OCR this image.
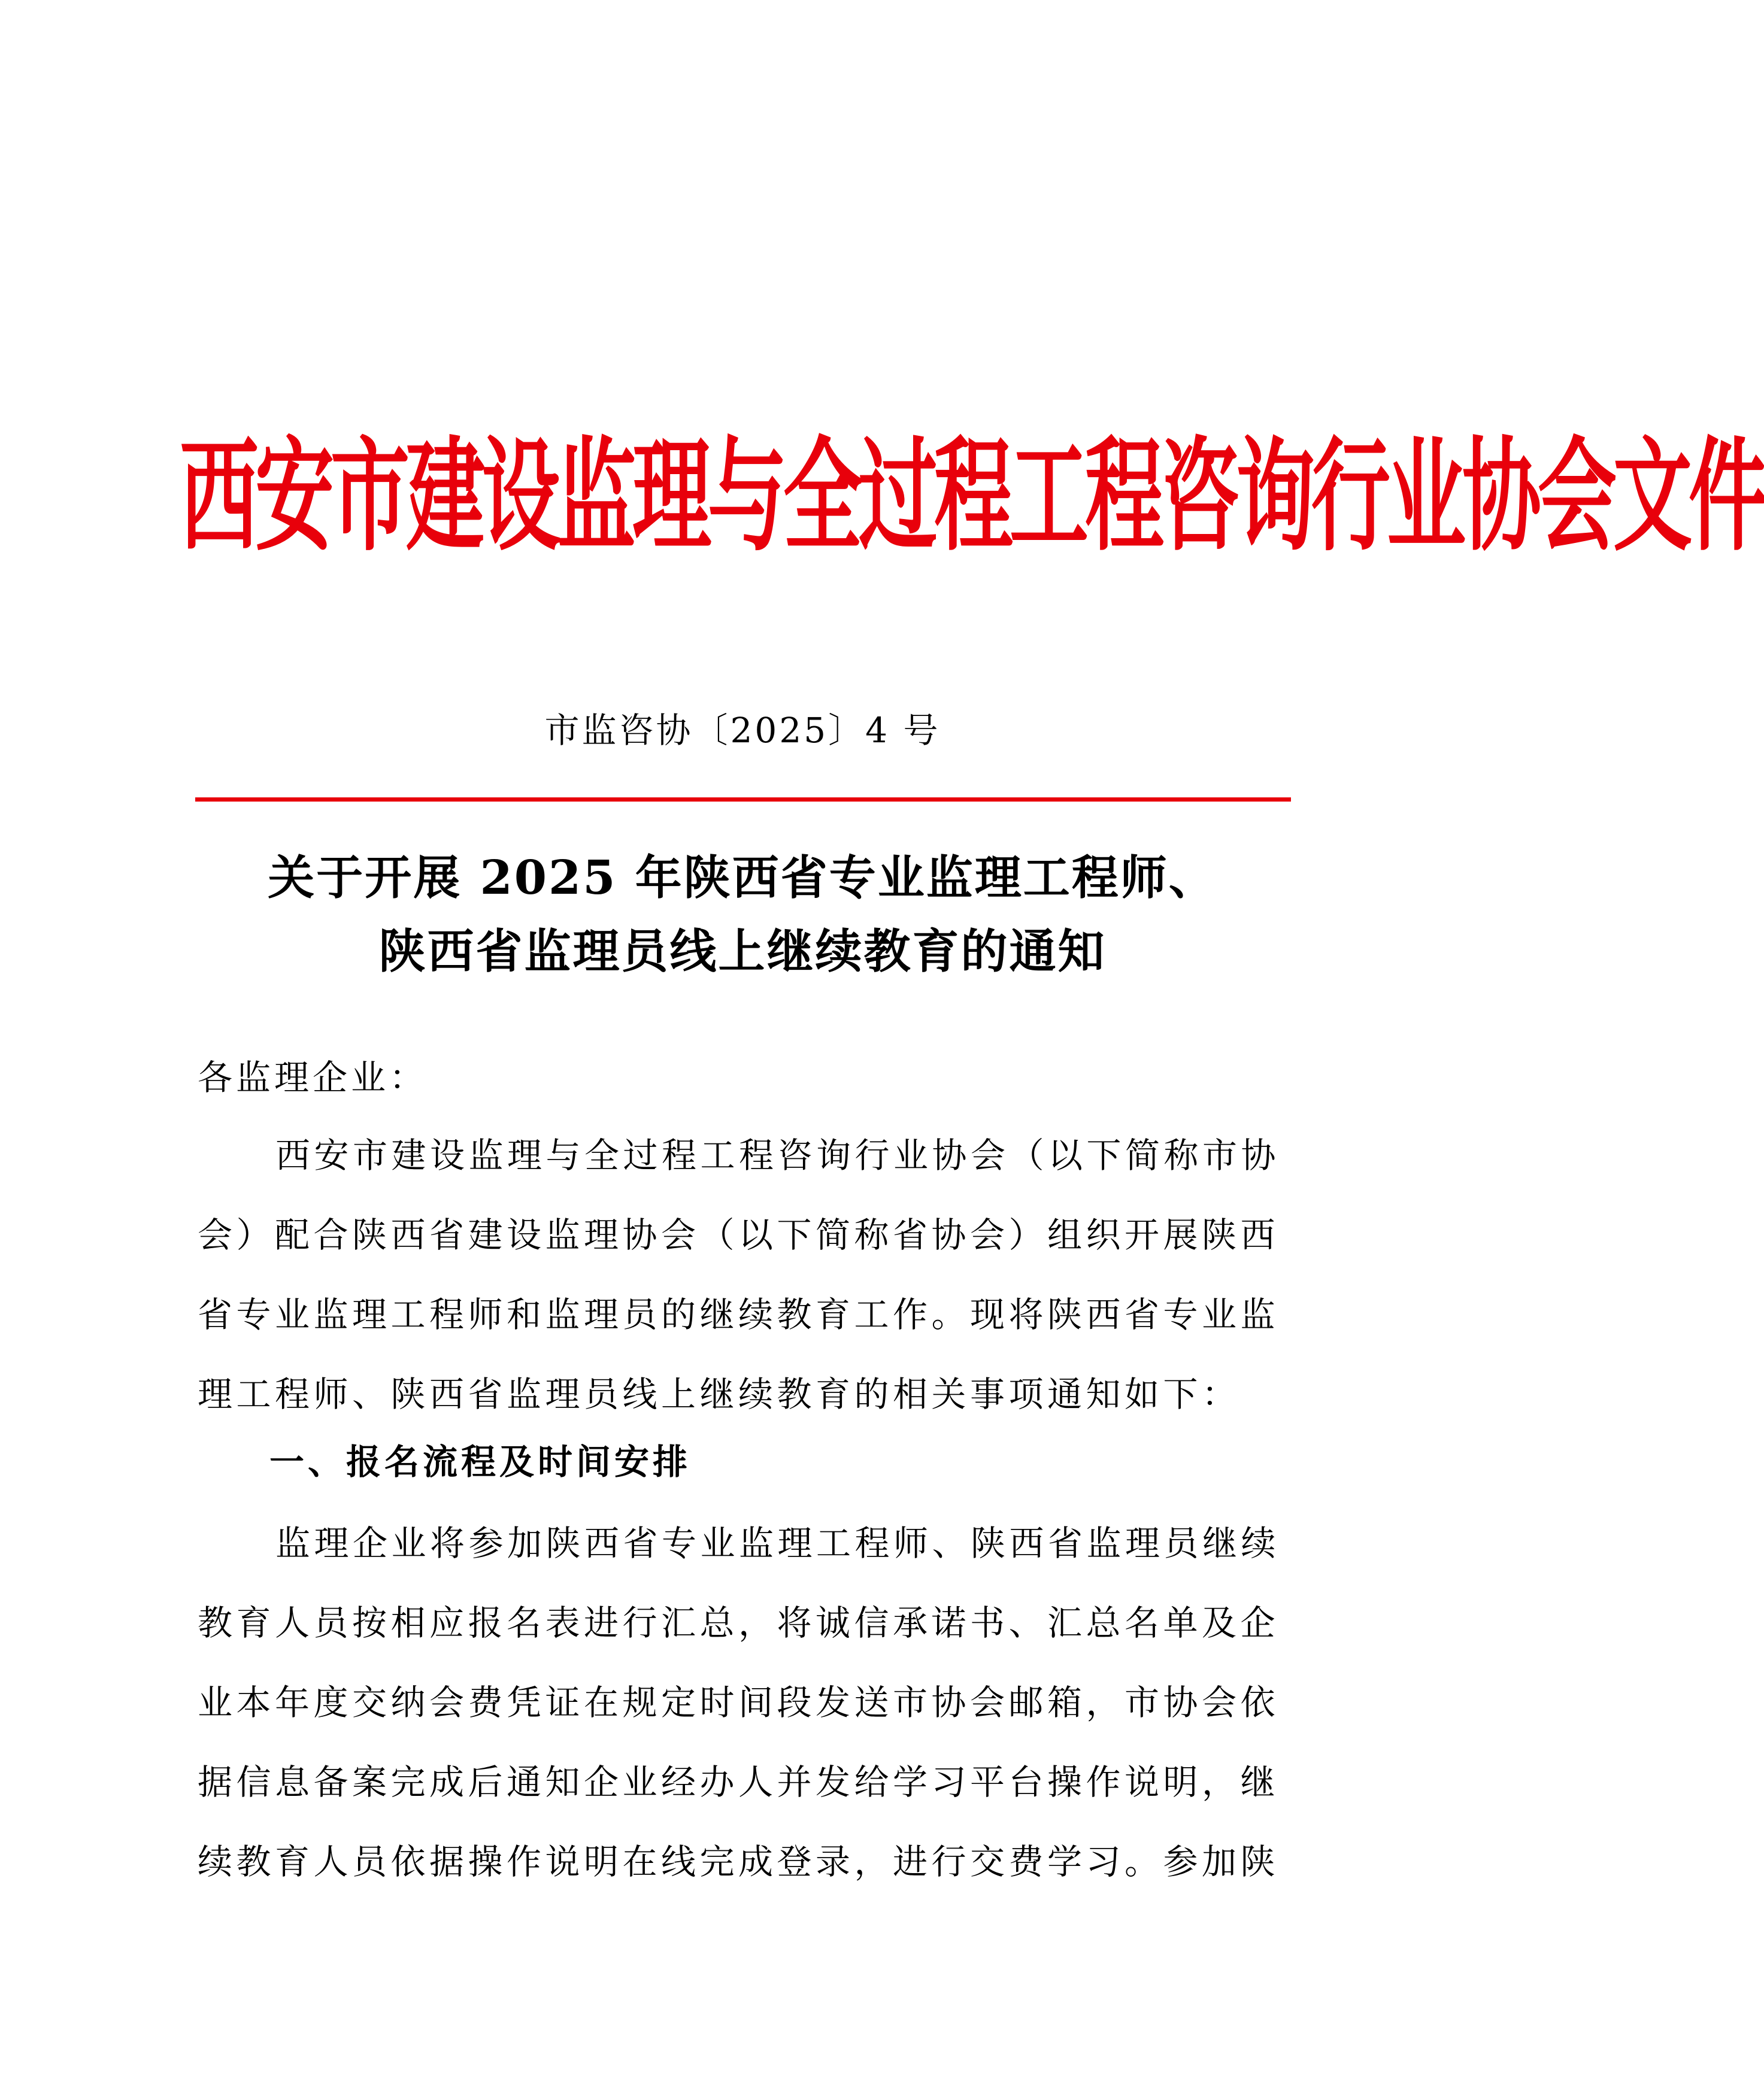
西安市建设监理与全过程工程咨询行业协会文件
市监咨协〔2025〕4 号
关于开展 2025 年陕西省专业监理工程师、
陕西省监理员线上继续教育的通知
各监理企业：
西安市建设监理与全过程工程咨询行业协会（以下简称市协
会）配合陕西省建设监理协会（以下简称省协会）组织开展陕西
省专业监理工程师和监理员的继续教育工作。现将陕西省专业监
理工程师、陕西省监理员线上继续教育的相关事项通知如下：
一、报名流程及时间安排
监理企业将参加陕西省专业监理工程师、陕西省监理员继续
教育人员按相应报名表进行汇总，将诚信承诺书、汇总名单及企
业本年度交纳会费凭证在规定时间段发送市协会邮箱，市协会依
据信息备案完成后通知企业经办人并发给学习平台操作说明，继
续教育人员依据操作说明在线完成登录，进行交费学习。参加陕
